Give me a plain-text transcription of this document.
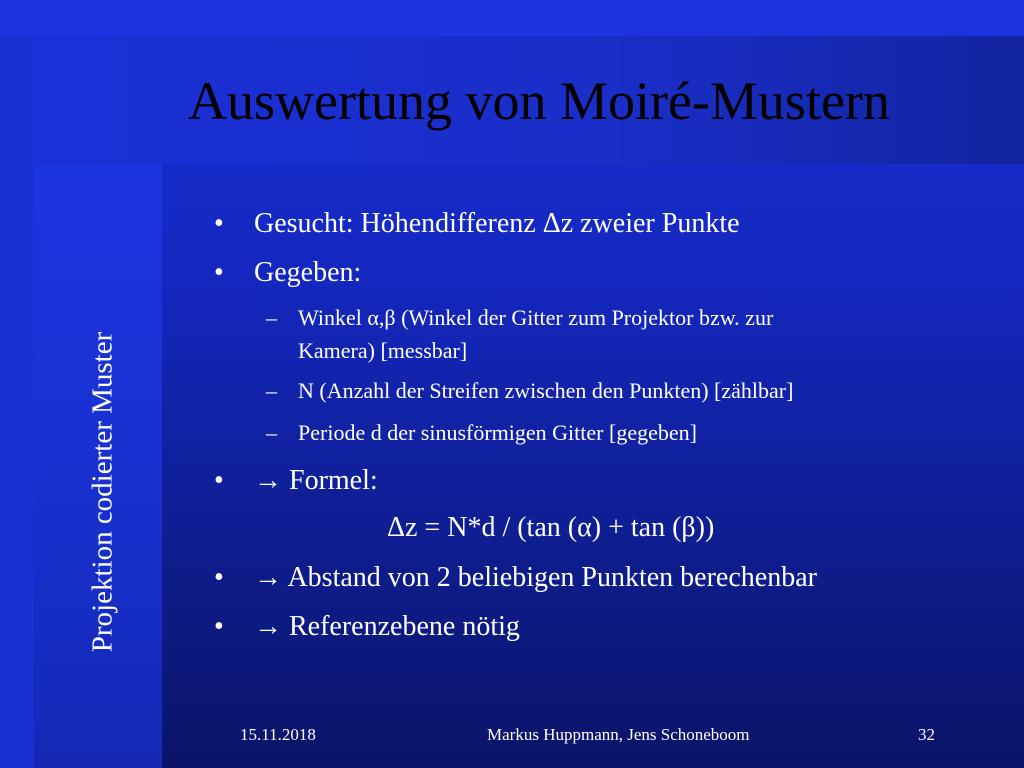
Projektion codierter Muster
Auswertung von Moiré-Mustern
• Gesucht: Höhendifferenz Δz zweier Punkte
• Gegeben:
– Winkel α,β (Winkel der Gitter zum Projektor bzw. zur
Kamera) [messbar]
– N (Anzahl der Streifen zwischen den Punkten) [zählbar]
– Periode d der sinusförmigen Gitter [gegeben]
• → Formel:
Δz = N*d / (tan (α) + tan (β))
• → Abstand von 2 beliebigen Punkten berechenbar
• → Referenzebene nötig
15.11.2018	Markus Huppmann, Jens Schoneboom	32
